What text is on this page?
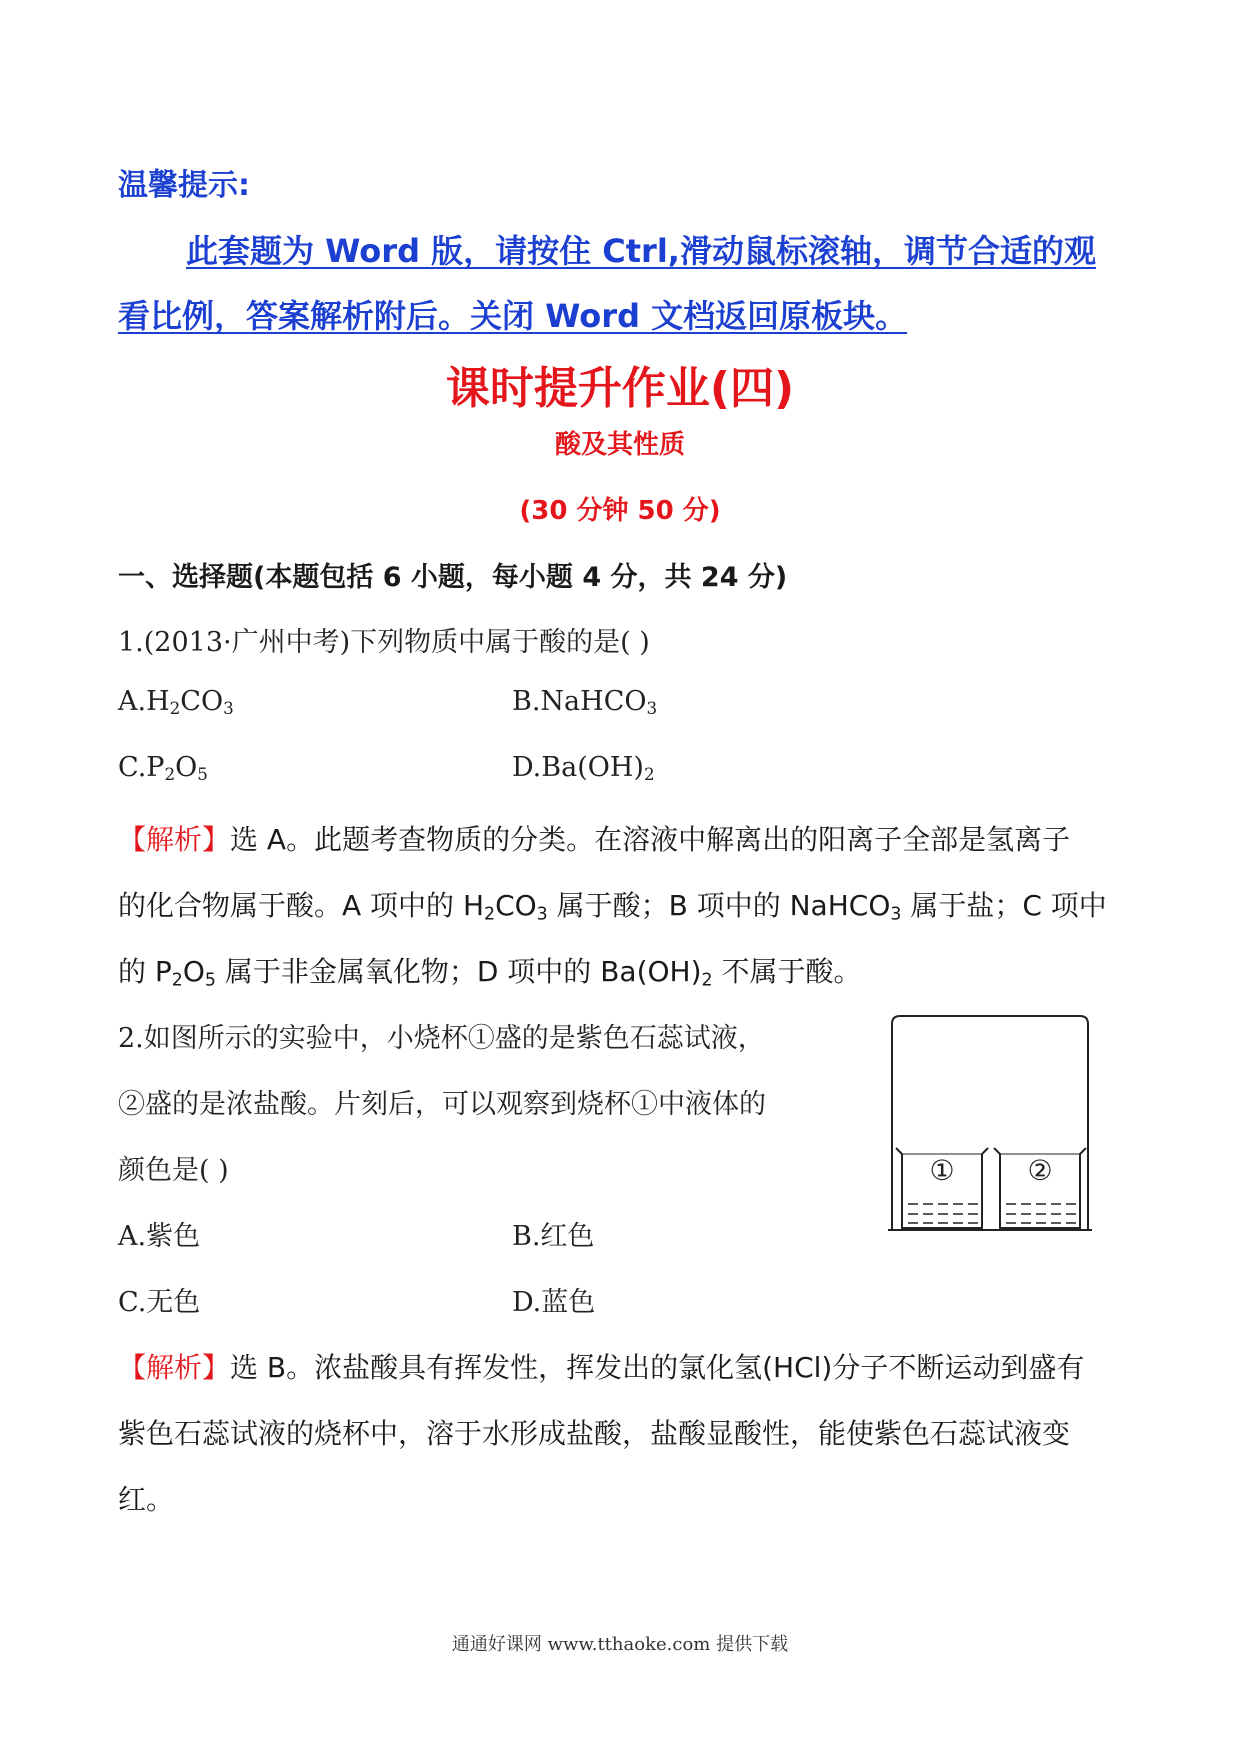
温馨提示:
此套题为 Word 版，请按住 Ctrl,滑动鼠标滚轴，调节合适的观
看比例，答案解析附后。关闭 Word 文档返回原板块。
课时提升作业(四)
酸及其性质
(30 分钟 50 分)
一、选择题(本题包括 6 小题，每小题 4 分，共 24 分)
1.(2013·广州中考)下列物质中属于酸的是( )
$A.H_2CO_3$	B.NaHCO$_3$
$C.P_2O_5$	$D.Ba(OH)_2$
【解析】选 A。此题考查物质的分类。在溶液中解离出的阳离子全部是氢离子
的化合物属于酸。A 项中的 $H_2CO_3$ 属于酸；B 项中的 NaHCO$_3$ 属于盐；C 项中
的 $P_2O_5$ 属于非金属氧化物；D 项中的 $Ba(OH)_2$ 不属于酸。
2.如图所示的实验中，小烧杯①盛的是紫色石蕊试液，
②盛的是浓盐酸。片刻后，可以观察到烧杯①中液体的
颜色是( )
A.紫色	B.红色
C.无色	D.蓝色
①	②
【解析】选 B。浓盐酸具有挥发性，挥发出的氯化氢(HCl)分子不断运动到盛有
紫色石蕊试液的烧杯中，溶于水形成盐酸，盐酸显酸性，能使紫色石蕊试液变
红。
通通好课网 www.tthaoke.com 提供下载
